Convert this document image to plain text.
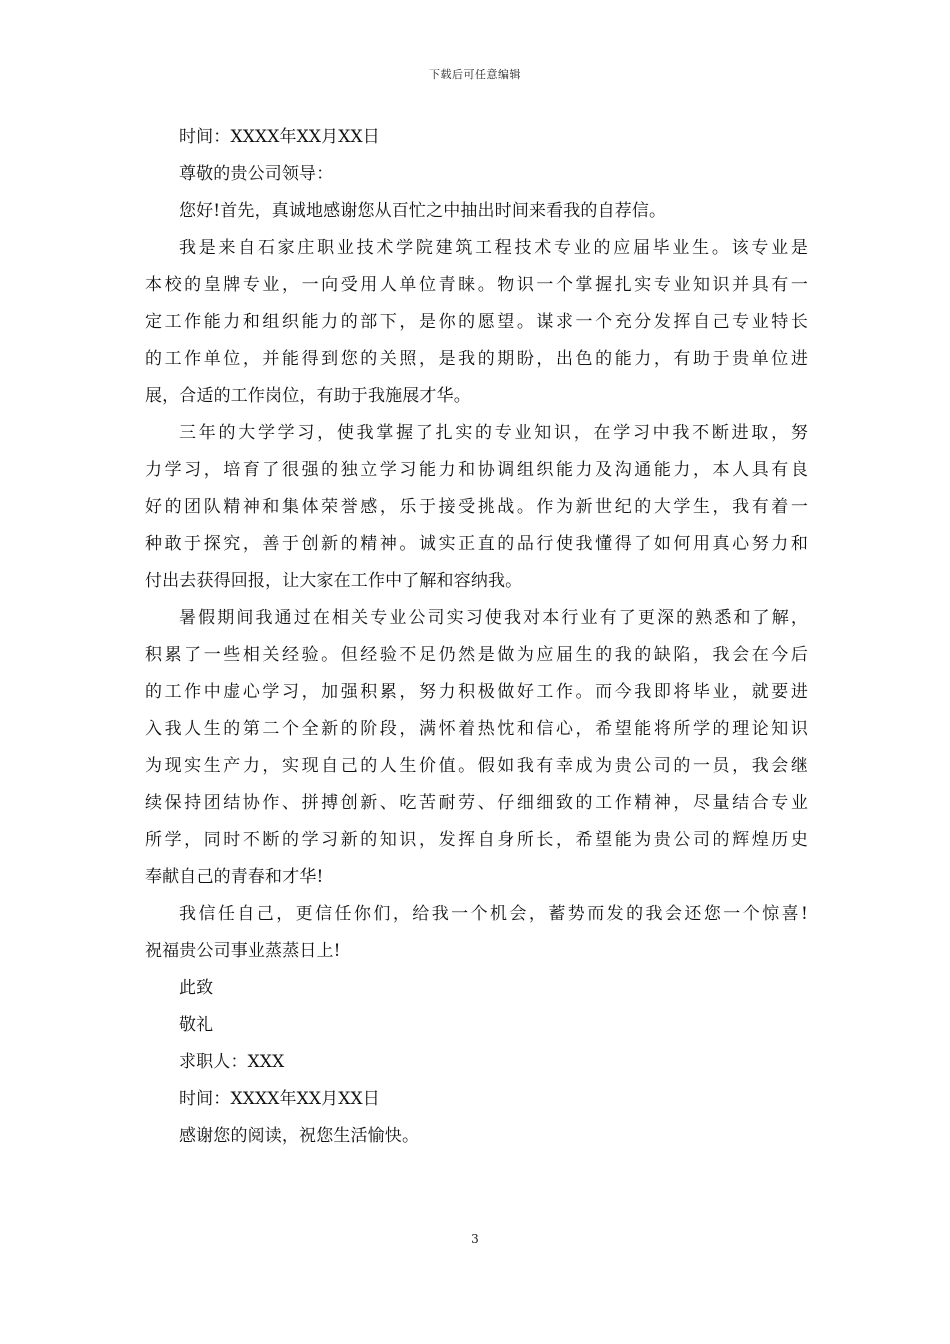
下载后可任意编辑

时间：XXXX年XX月XX日

尊敬的贵公司领导：

您好!首先，真诚地感谢您从百忙之中抽出时间来看我的自荐信。

我是来自石家庄职业技术学院建筑工程技术专业的应届毕业生。该专业是

本校的皇牌专业，一向受用人单位青睐。物识一个掌握扎实专业知识并具有一

定工作能力和组织能力的部下，是你的愿望。谋求一个充分发挥自己专业特长

的工作单位，并能得到您的关照，是我的期盼，出色的能力，有助于贵单位进

展，合适的工作岗位，有助于我施展才华。

三年的大学学习，使我掌握了扎实的专业知识，在学习中我不断进取，努

力学习，培育了很强的独立学习能力和协调组织能力及沟通能力，本人具有良

好的团队精神和集体荣誉感，乐于接受挑战。作为新世纪的大学生，我有着一

种敢于探究，善于创新的精神。诚实正直的品行使我懂得了如何用真心努力和

付出去获得回报，让大家在工作中了解和容纳我。

暑假期间我通过在相关专业公司实习使我对本行业有了更深的熟悉和了解，

积累了一些相关经验。但经验不足仍然是做为应届生的我的缺陷，我会在今后

的工作中虚心学习，加强积累，努力积极做好工作。而今我即将毕业，就要进

入我人生的第二个全新的阶段，满怀着热忱和信心，希望能将所学的理论知识

为现实生产力，实现自己的人生价值。假如我有幸成为贵公司的一员，我会继

续保持团结协作、拼搏创新、吃苦耐劳、仔细细致的工作精神，尽量结合专业

所学，同时不断的学习新的知识，发挥自身所长，希望能为贵公司的辉煌历史

奉献自己的青春和才华!

我信任自己，更信任你们，给我一个机会，蓄势而发的我会还您一个惊喜!

祝福贵公司事业蒸蒸日上!

此致

敬礼

求职人：XXX

时间：XXXX年XX月XX日

感谢您的阅读，祝您生活愉快。

3
